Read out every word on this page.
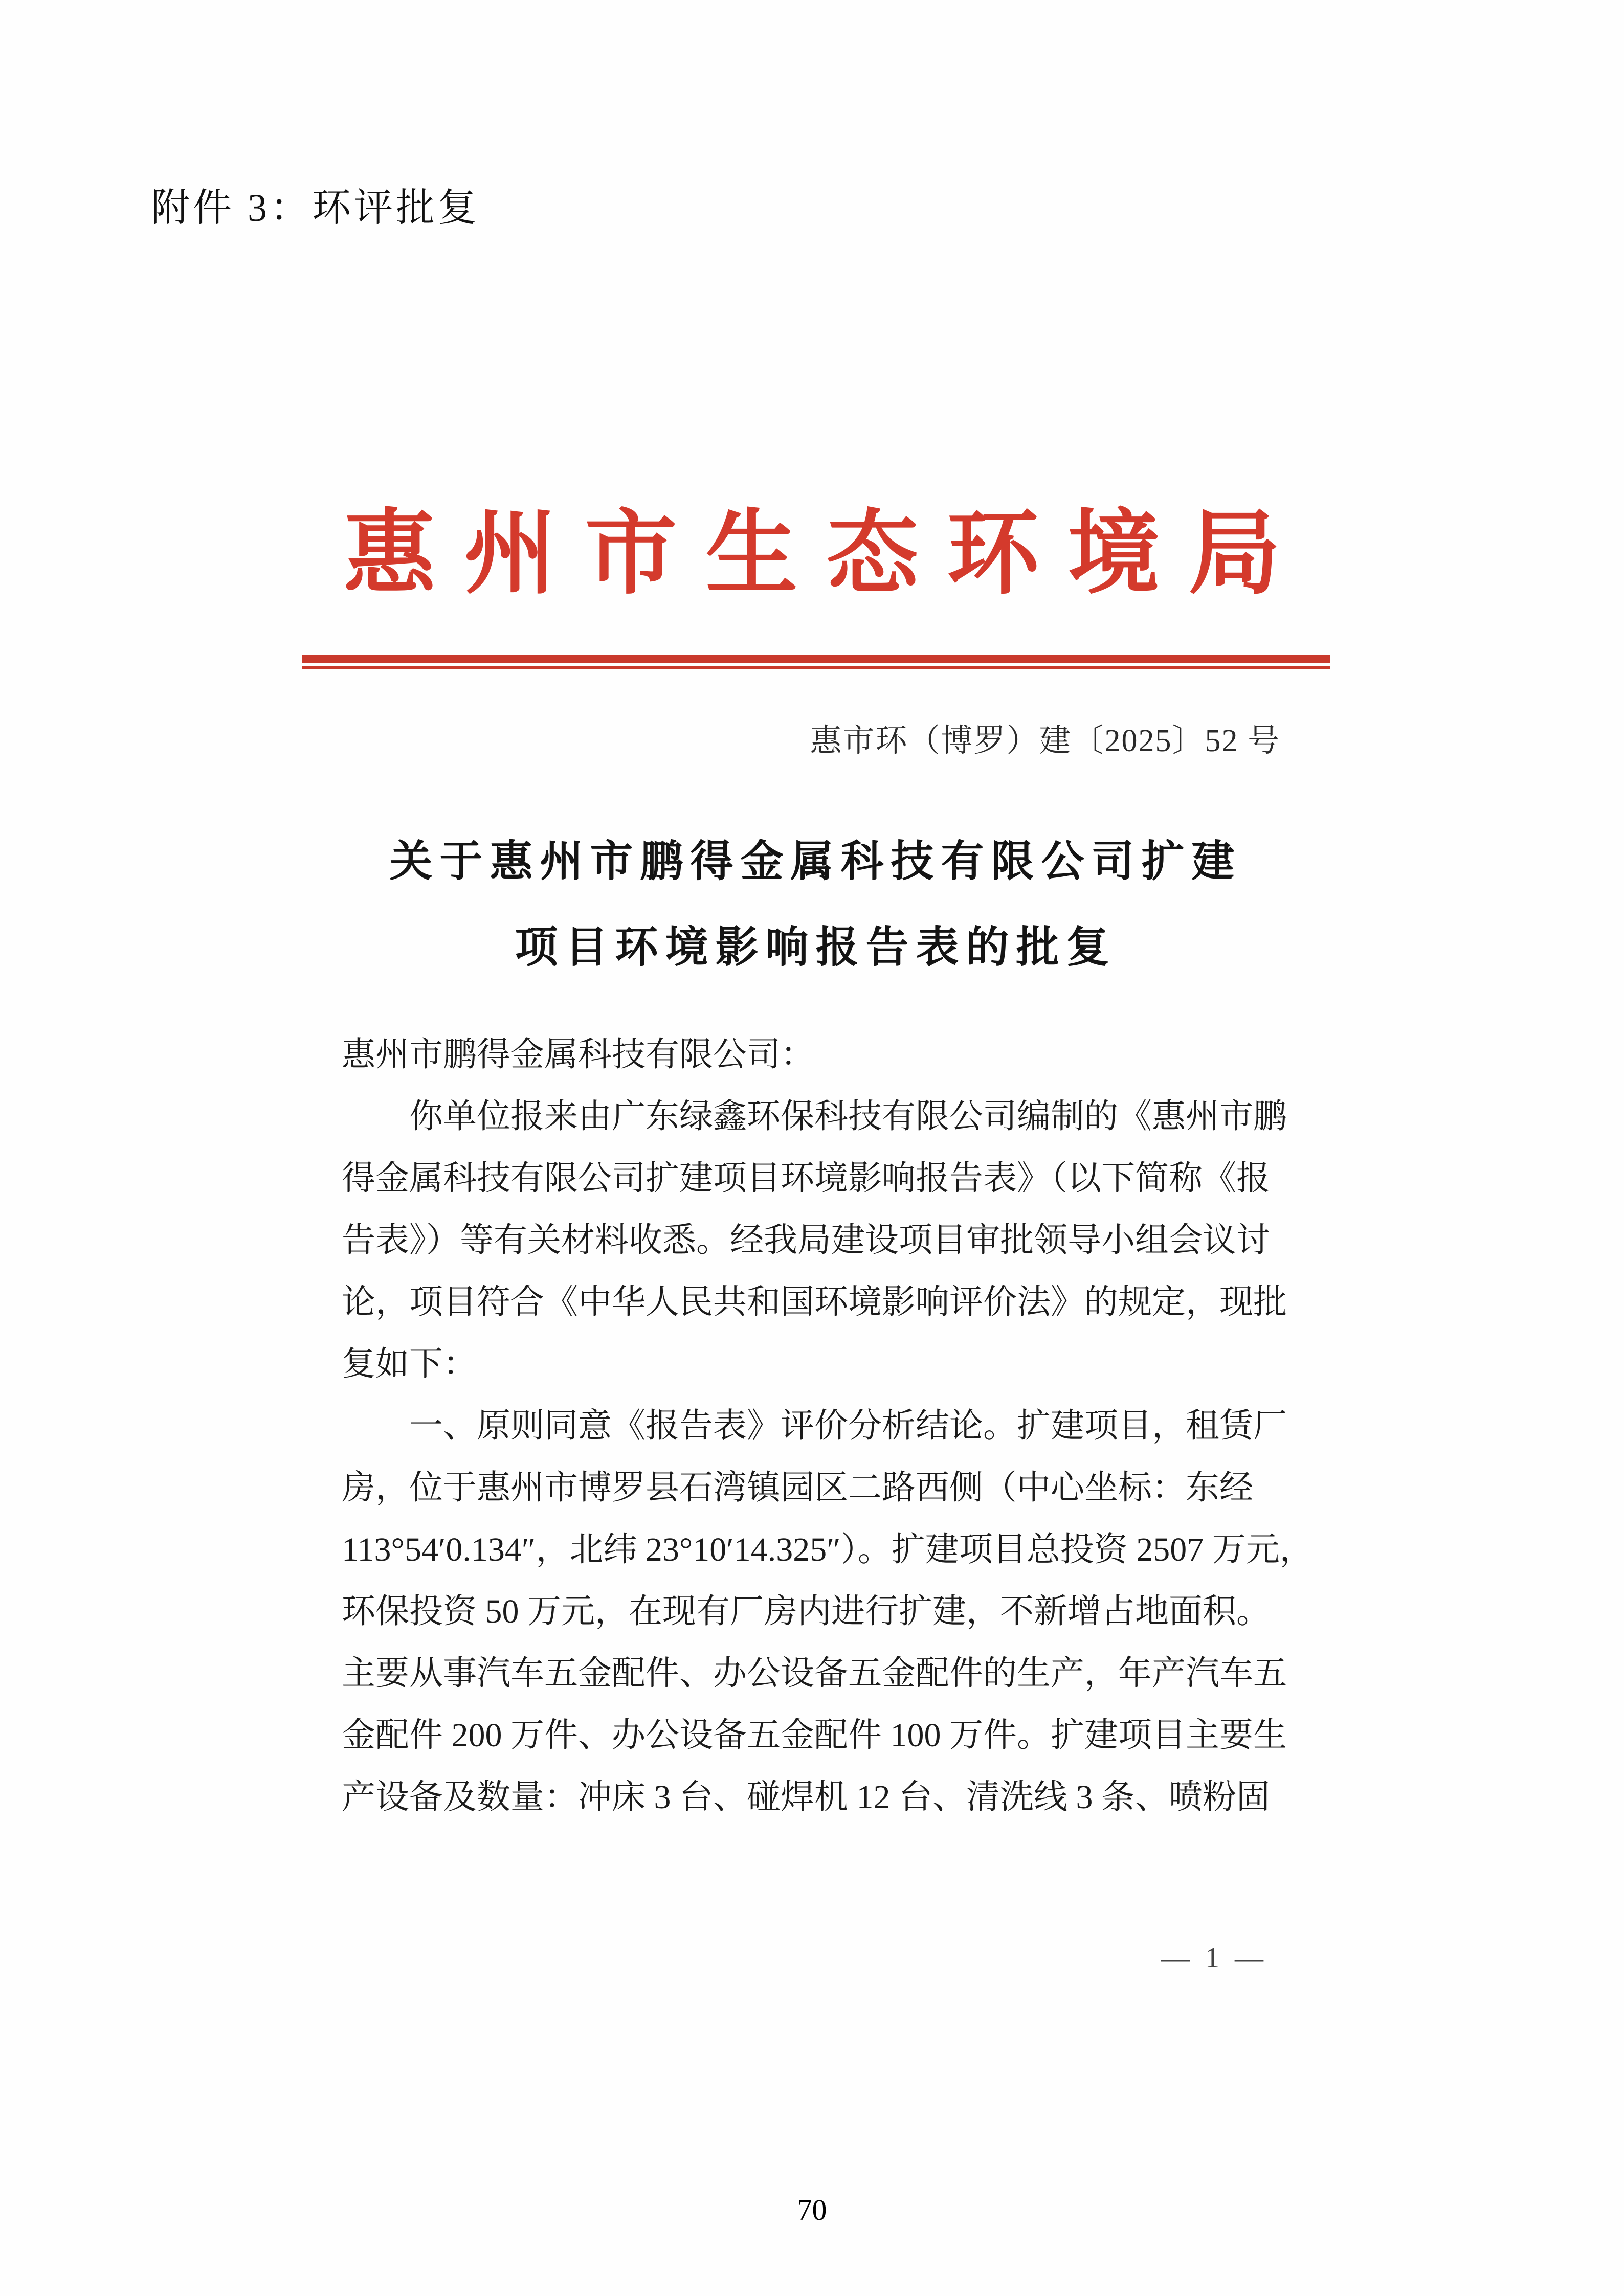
附件 3：环评批复
惠州市生态环境局
惠市环（博罗）建〔2025〕52 号
关于惠州市鹏得金属科技有限公司扩建
项目环境影响报告表的批复
惠州市鹏得金属科技有限公司：
你单位报来由广东绿鑫环保科技有限公司编制的《惠州市鹏
得金属科技有限公司扩建项目环境影响报告表》（以下简称《报
告表》）等有关材料收悉。经我局建设项目审批领导小组会议讨
论，项目符合《中华人民共和国环境影响评价法》的规定，现批
复如下：
一、原则同意《报告表》评价分析结论。扩建项目，租赁厂
房，位于惠州市博罗县石湾镇园区二路西侧（中心坐标：东经
113°54′0.134″，北纬 23°10′14.325″）。扩建项目总投资 2507 万元，
环保投资 50 万元，在现有厂房内进行扩建，不新增占地面积。
主要从事汽车五金配件、办公设备五金配件的生产，年产汽车五
金配件 200 万件、办公设备五金配件 100 万件。扩建项目主要生
产设备及数量：冲床 3 台、碰焊机 12 台、清洗线 3 条、喷粉固
— 1 —
70
